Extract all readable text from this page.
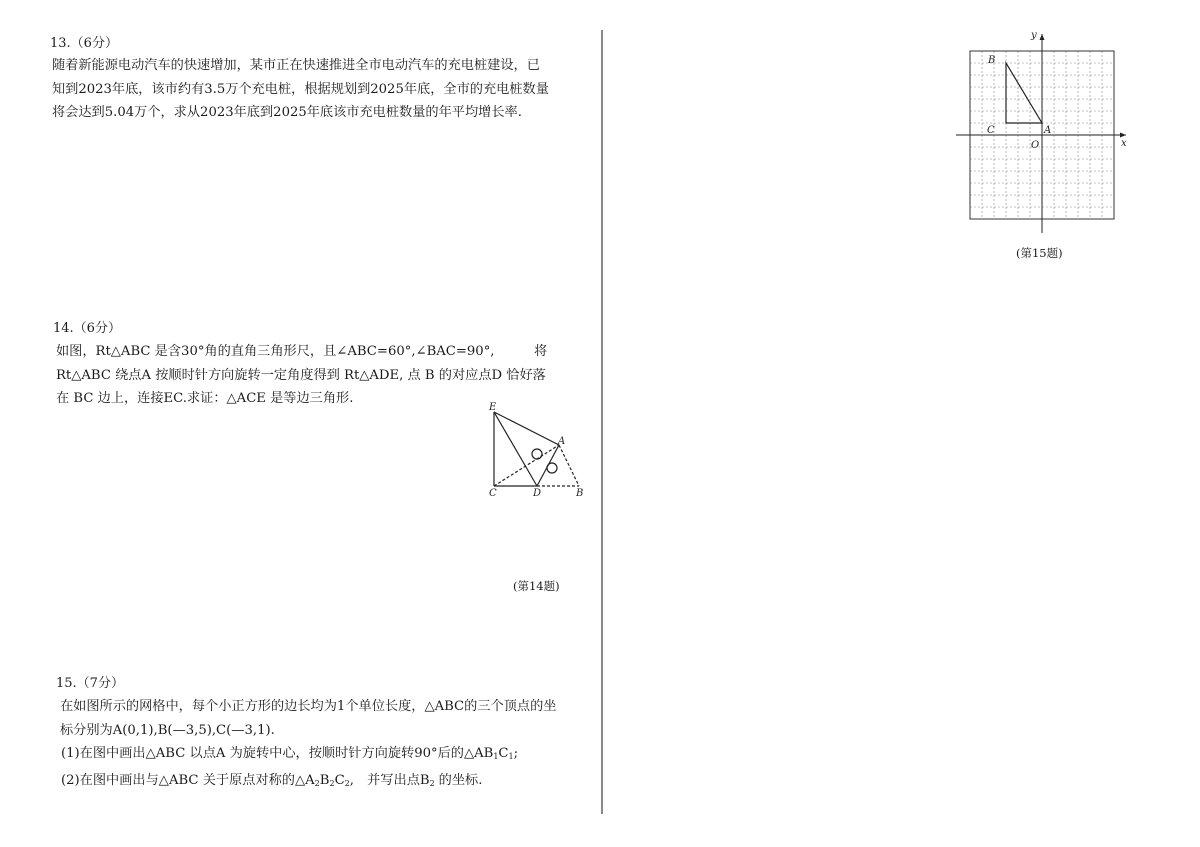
13.（6分）
随着新能源电动汽车的快速增加，某市正在快速推进全市电动汽车的充电桩建设，已
知到2023年底，该市约有3.5万个充电桩，根据规划到2025年底，全市的充电桩数量
将会达到5.04万个，求从2023年底到2025年底该市充电桩数量的年平均增长率.
14.（6分）
如图，Rt△ABC 是含30°角的直角三角形尺，且∠ABC=60°,∠BAC=90°,　　　将
Rt△ABC 绕点A 按顺时针方向旋转一定角度得到 Rt△ADE, 点 B 的对应点D 恰好落
在 BC 边上，连接EC.求证：△ACE 是等边三角形.
E
A
C	D	B
(第14题)
15.（7分）
在如图所示的网格中，每个小正方形的边长均为1个单位长度，△ABC的三个顶点的坐
标分别为A(0,1),B(—3,5),C(—3,1).
(1)在图中画出△ABC 以点A 为旋转中心，按顺时针方向旋转90°后的$\triangle AB_1C_1$;
(2)在图中画出与△ABC 关于原点对称的$\triangle A_2B_2C_2$,　并写出点$B_2$ 的坐标.
y
x
B
C	A
O
(第15题)
